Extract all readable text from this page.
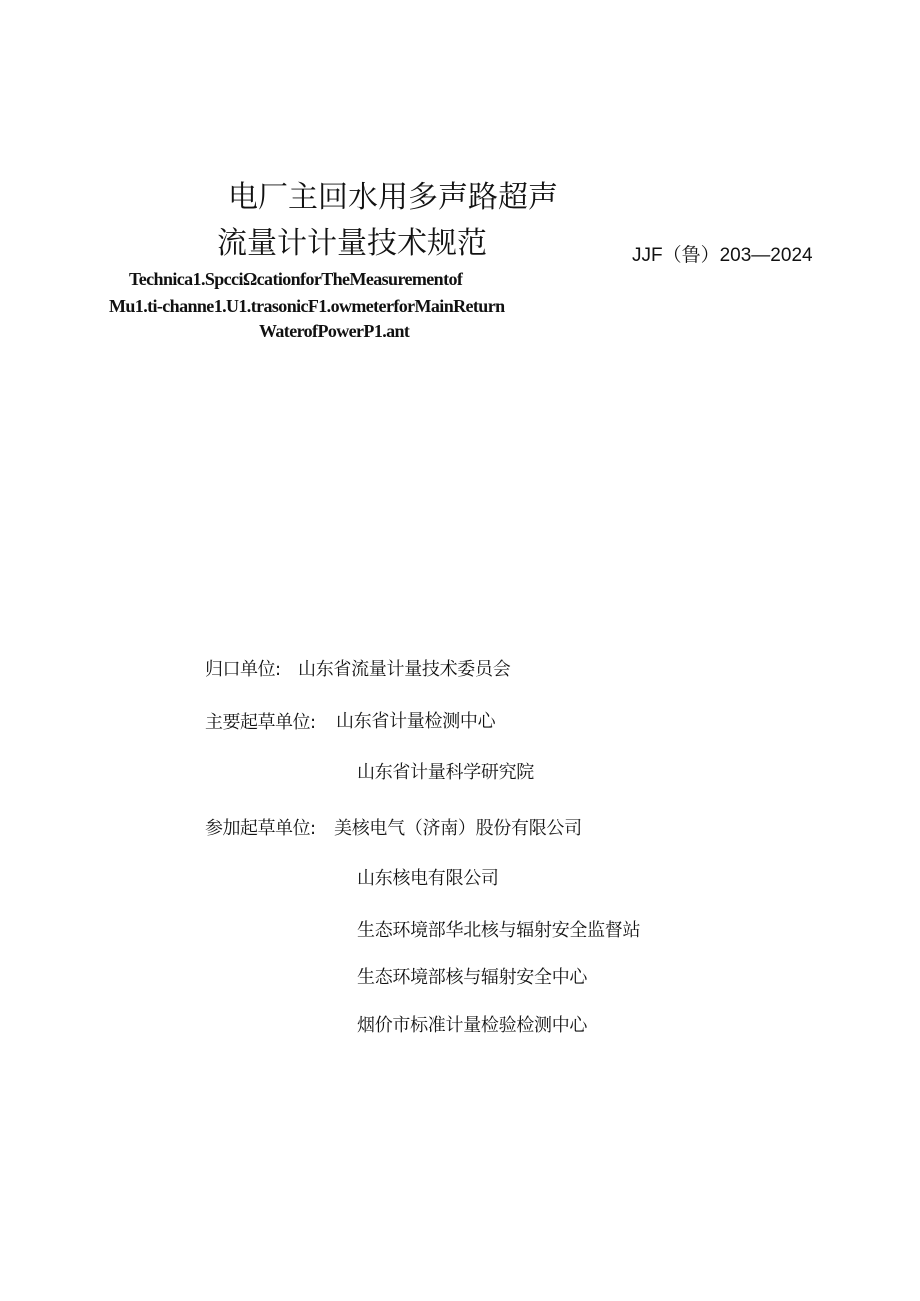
电厂主回水用多声路超声
流量计计量技术规范	JJF（鲁）203—2024
Technica1.SpcciΩcationforTheMeasurementof
Mu1.ti-channe1.U1.trasonicF1.owmeterforMainReturn
WaterofPowerP1.ant
归口单位: 山东省流量计量技术委员会
主要起草单位: 山东省计量检测中心
山东省计量科学研究院
参加起草单位: 美核电气（济南）股份有限公司
山东核电有限公司
生态环境部华北核与辐射安全监督站
生态环境部核与辐射安全中心
烟价市标准计量检验检测中心
